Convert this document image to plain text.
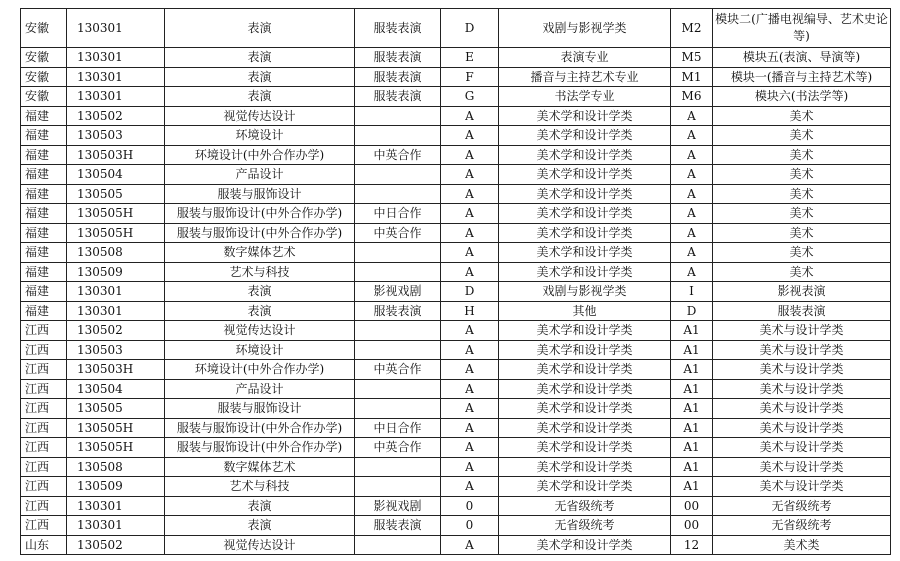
安徽	130301	表演	服装表演	D	戏剧与影视学类	M2	模块二(广播电视编导、艺术史论等)
安徽	130301	表演	服装表演	E	表演专业	M5	模块五(表演、导演等)
安徽	130301	表演	服装表演	F	播音与主持艺术专业	M1	模块一(播音与主持艺术等)
安徽	130301	表演	服装表演	G	书法学专业	M6	模块六(书法学等)
福建	130502	视觉传达设计		A	美术学和设计学类	A	美术
福建	130503	环境设计		A	美术学和设计学类	A	美术
福建	130503H	环境设计(中外合作办学)	中英合作	A	美术学和设计学类	A	美术
福建	130504	产品设计		A	美术学和设计学类	A	美术
福建	130505	服装与服饰设计		A	美术学和设计学类	A	美术
福建	130505H	服装与服饰设计(中外合作办学)	中日合作	A	美术学和设计学类	A	美术
福建	130505H	服装与服饰设计(中外合作办学)	中英合作	A	美术学和设计学类	A	美术
福建	130508	数字媒体艺术		A	美术学和设计学类	A	美术
福建	130509	艺术与科技		A	美术学和设计学类	A	美术
福建	130301	表演	影视戏剧	D	戏剧与影视学类	I	影视表演
福建	130301	表演	服装表演	H	其他	D	服装表演
江西	130502	视觉传达设计		A	美术学和设计学类	A1	美术与设计学类
江西	130503	环境设计		A	美术学和设计学类	A1	美术与设计学类
江西	130503H	环境设计(中外合作办学)	中英合作	A	美术学和设计学类	A1	美术与设计学类
江西	130504	产品设计		A	美术学和设计学类	A1	美术与设计学类
江西	130505	服装与服饰设计		A	美术学和设计学类	A1	美术与设计学类
江西	130505H	服装与服饰设计(中外合作办学)	中日合作	A	美术学和设计学类	A1	美术与设计学类
江西	130505H	服装与服饰设计(中外合作办学)	中英合作	A	美术学和设计学类	A1	美术与设计学类
江西	130508	数字媒体艺术		A	美术学和设计学类	A1	美术与设计学类
江西	130509	艺术与科技		A	美术学和设计学类	A1	美术与设计学类
江西	130301	表演	影视戏剧	0	无省级统考	00	无省级统考
江西	130301	表演	服装表演	0	无省级统考	00	无省级统考
山东	130502	视觉传达设计		A	美术学和设计学类	12	美术类
